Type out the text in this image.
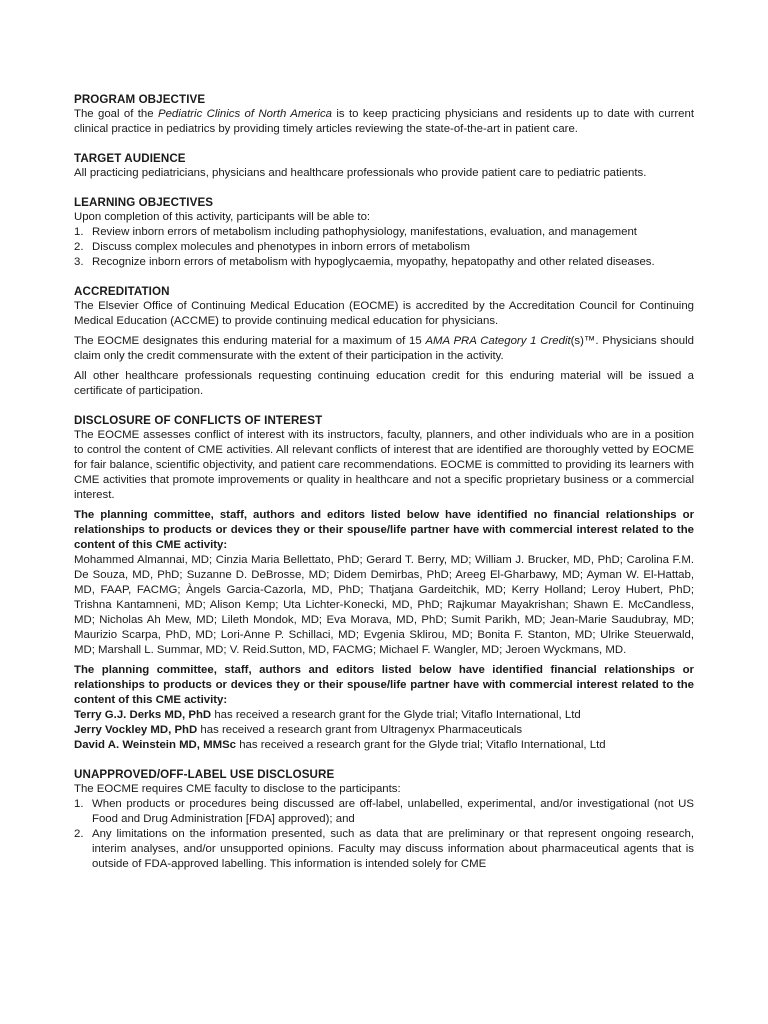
PROGRAM OBJECTIVE

The goal of the Pediatric Clinics of North America is to keep practicing physicians and residents up to date with current clinical practice in pediatrics by providing timely articles reviewing the state-of-the-art in patient care.

TARGET AUDIENCE

All practicing pediatricians, physicians and healthcare professionals who provide patient care to pediatric patients.

LEARNING OBJECTIVES

Upon completion of this activity, participants will be able to:

1. Review inborn errors of metabolism including pathophysiology, manifestations, evaluation, and management
2. Discuss complex molecules and phenotypes in inborn errors of metabolism
3. Recognize inborn errors of metabolism with hypoglycaemia, myopathy, hepatopathy and other related diseases.
ACCREDITATION

The Elsevier Office of Continuing Medical Education (EOCME) is accredited by the Accreditation Council for Continuing Medical Education (ACCME) to provide continuing medical education for physicians.

The EOCME designates this enduring material for a maximum of 15 AMA PRA Category 1 Credit(s)™. Physicians should claim only the credit commensurate with the extent of their participation in the activity.

All other healthcare professionals requesting continuing education credit for this enduring material will be issued a certificate of participation.

DISCLOSURE OF CONFLICTS OF INTEREST

The EOCME assesses conflict of interest with its instructors, faculty, planners, and other individuals who are in a position to control the content of CME activities. All relevant conflicts of interest that are identified are thoroughly vetted by EOCME for fair balance, scientific objectivity, and patient care recommendations. EOCME is committed to providing its learners with CME activities that promote improvements or quality in healthcare and not a specific proprietary business or a commercial interest.

The planning committee, staff, authors and editors listed below have identified no financial relationships or relationships to products or devices they or their spouse/life partner have with commercial interest related to the content of this CME activity:

Mohammed Almannai, MD; Cinzia Maria Bellettato, PhD; Gerard T. Berry, MD; William J. Brucker, MD, PhD; Carolina F.M. De Souza, MD, PhD; Suzanne D. DeBrosse, MD; Didem Demirbas, PhD; Areeg El-Gharbawy, MD; Ayman W. El-Hattab, MD, FAAP, FACMG; Àngels Garcia-Cazorla, MD, PhD; Thatjana Gardeitchik, MD; Kerry Holland; Leroy Hubert, PhD; Trishna Kantamneni, MD; Alison Kemp; Uta Lichter-Konecki, MD, PhD; Rajkumar Mayakrishan; Shawn E. McCandless, MD; Nicholas Ah Mew, MD; Lileth Mondok, MD; Eva Morava, MD, PhD; Sumit Parikh, MD; Jean-Marie Saudubray, MD; Maurizio Scarpa, PhD, MD; Lori-Anne P. Schillaci, MD; Evgenia Sklirou, MD; Bonita F. Stanton, MD; Ulrike Steuerwald, MD; Marshall L. Summar, MD; V. Reid.Sutton, MD, FACMG; Michael F. Wangler, MD; Jeroen Wyckmans, MD.

The planning committee, staff, authors and editors listed below have identified financial relationships or relationships to products or devices they or their spouse/life partner have with commercial interest related to the content of this CME activity:

Terry G.J. Derks MD, PhD has received a research grant for the Glyde trial; Vitaflo International, Ltd
Jerry Vockley MD, PhD has received a research grant from Ultragenyx Pharmaceuticals
David A. Weinstein MD, MMSc has received a research grant for the Glyde trial; Vitaflo International, Ltd
UNAPPROVED/OFF-LABEL USE DISCLOSURE

The EOCME requires CME faculty to disclose to the participants:

1. When products or procedures being discussed are off-label, unlabelled, experimental, and/or investigational (not US Food and Drug Administration [FDA] approved); and
2. Any limitations on the information presented, such as data that are preliminary or that represent ongoing research, interim analyses, and/or unsupported opinions. Faculty may discuss information about pharmaceutical agents that is outside of FDA-approved labelling. This information is intended solely for CME
